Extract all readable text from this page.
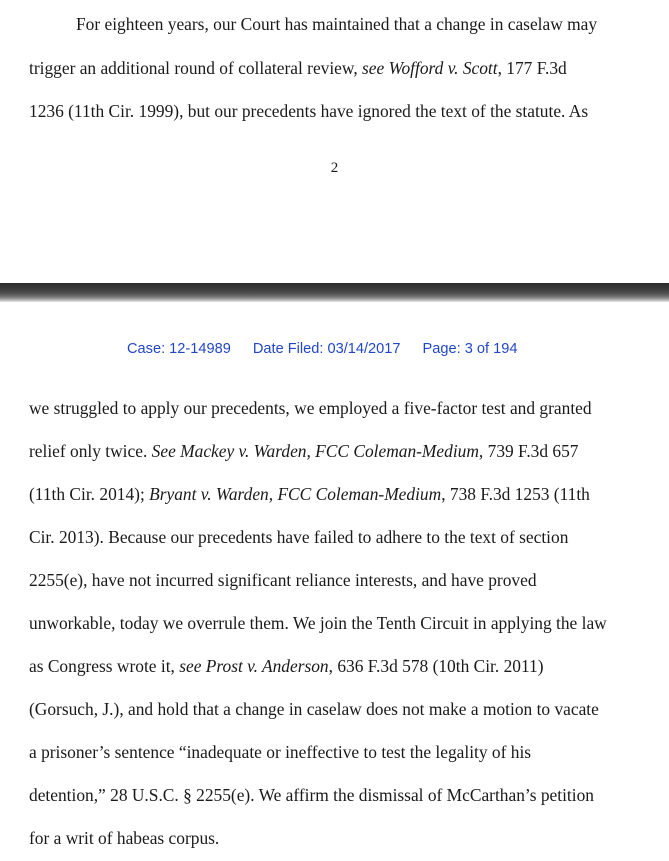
For eighteen years, our Court has maintained that a change in caselaw may
trigger an additional round of collateral review, see Wofford v. Scott, 177 F.3d
1236 (11th Cir. 1999), but our precedents have ignored the text of the statute. As
2
Case: 12-14989 Date Filed: 03/14/2017 Page: 3 of 194
we struggled to apply our precedents, we employed a five-factor test and granted
relief only twice. See Mackey v. Warden, FCC Coleman-Medium, 739 F.3d 657
(11th Cir. 2014); Bryant v. Warden, FCC Coleman-Medium, 738 F.3d 1253 (11th
Cir. 2013). Because our precedents have failed to adhere to the text of section
2255(e), have not incurred significant reliance interests, and have proved
unworkable, today we overrule them. We join the Tenth Circuit in applying the law
as Congress wrote it, see Prost v. Anderson, 636 F.3d 578 (10th Cir. 2011)
(Gorsuch, J.), and hold that a change in caselaw does not make a motion to vacate
a prisoner’s sentence “inadequate or ineffective to test the legality of his
detention,” 28 U.S.C. § 2255(e). We affirm the dismissal of McCarthan’s petition
for a writ of habeas corpus.
